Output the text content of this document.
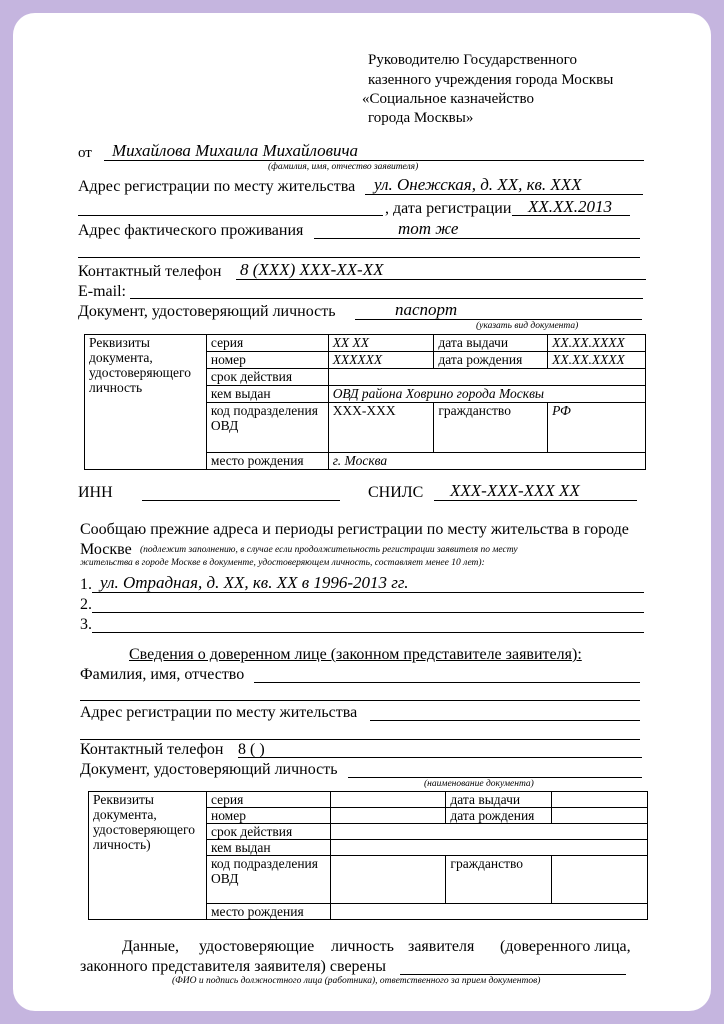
Руководителю Государственного
казенного учреждения города Москвы
«Социальное казначейство
города Москвы»
от Михайлова Михаила Михайловича
(фамилия, имя, отчество заявителя)
Адрес регистрации по месту жительства ул. Онежская, д. XX, кв. XXX
, дата регистрации XX.XX.2013
Адрес фактического проживания	тот же
Контактный телефон 8 (XXX) XXX-XX-XX
E-mail:
Документ, удостоверяющий личность	паспорт
(указать вид документа)
Реквизиты документа, удостоверяющего личность	серия	XX XX	дата выдачи	XX.XX.XXXX
	номер	XXXXXX	дата рождения	XX.XX.XXXX
	срок действия			
	кем выдан	ОВД района Ховрино города Москвы		
	код подразделения ОВД	XXX-XXX	гражданство	РФ
	место рождения	г. Москва		
ИНН	СНИЛС XXX-XXX-XXX XX
Сообщаю прежние адреса и периоды регистрации по месту жительства в городе
Москве (подлежит заполнению, в случае если продолжительность регистрации заявителя по месту
жительства в городе Москве в документе, удостоверяющем личность, составляет менее 10 лет):
1. ул. Отрадная, д. XX, кв. XX в 1996-2013 гг.
2.
3.
Сведения о доверенном лице (законном представителе заявителя):
Фамилия, имя, отчество
Адрес регистрации по месту жительства
Контактный телефон 8 ( )
Документ, удостоверяющий личность
(наименование документа)
Реквизиты документа, удостоверяющего личность)	серия		дата выдачи	
	номер		дата рождения	
	срок действия			
	кем выдан			
	код подразделения ОВД		гражданство	
	место рождения			
Данные, удостоверяющие личность заявителя (доверенного лица,
законного представителя заявителя) сверены
(ФИО и подпись должностного лица (работника), ответственного за прием документов)
